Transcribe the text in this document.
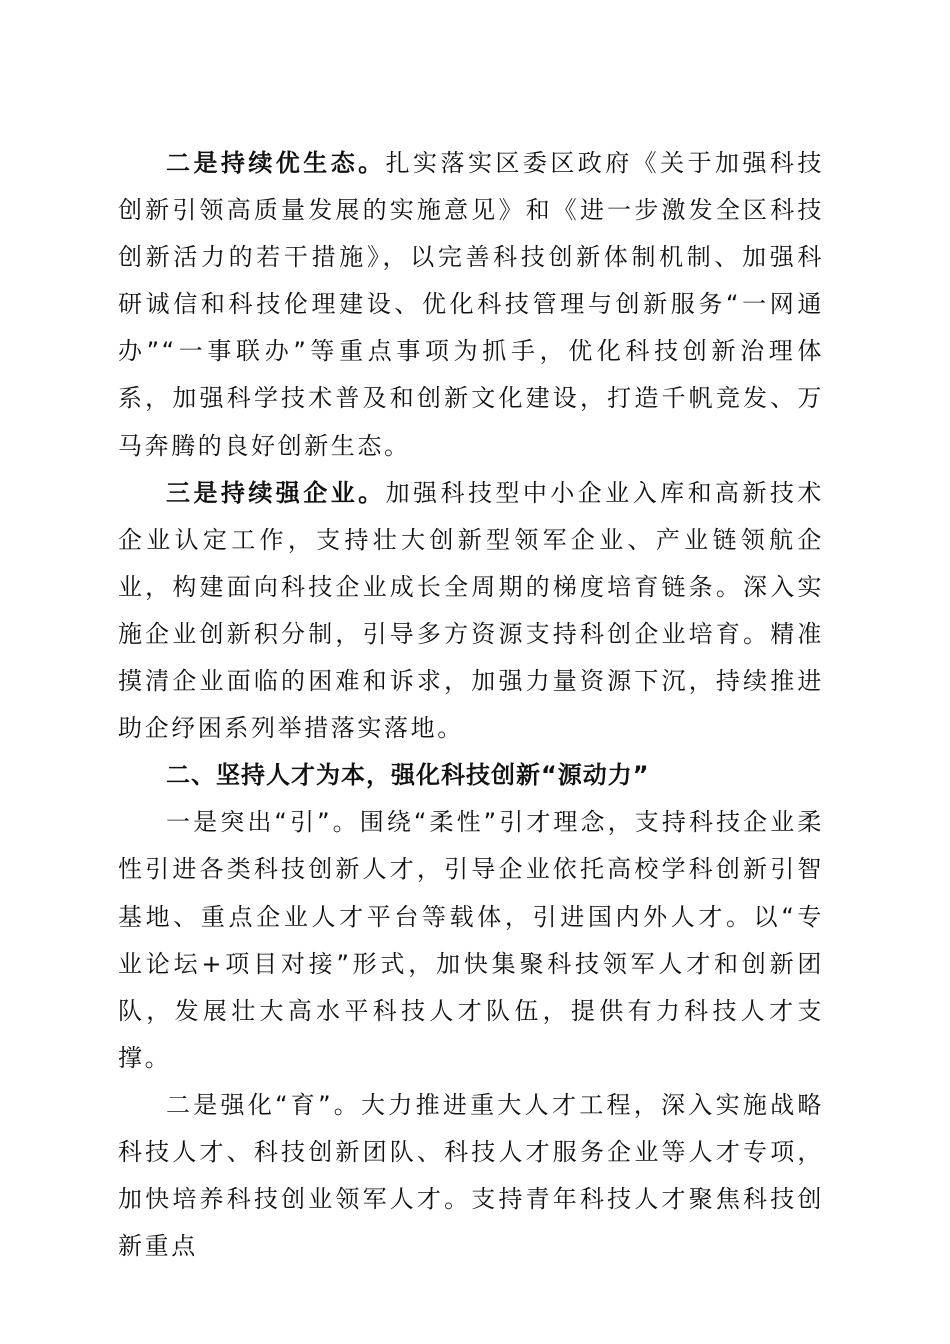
二是持续优生态。扎实落实区委区政府《关于加强科技创新引领高质量发展的实施意见》和《进一步激发全区科技创新活力的若干措施》，以完善科技创新体制机制、加强科研诚信和科技伦理建设、优化科技管理与创新服务“一网通办”“一事联办”等重点事项为抓手，优化科技创新治理体系，加强科学技术普及和创新文化建设，打造千帆竞发、万马奔腾的良好创新生态。

三是持续强企业。加强科技型中小企业入库和高新技术企业认定工作，支持壮大创新型领军企业、产业链领航企业，构建面向科技企业成长全周期的梯度培育链条。深入实施企业创新积分制，引导多方资源支持科创企业培育。精准摸清企业面临的困难和诉求，加强力量资源下沉，持续推进助企纾困系列举措落实落地。

二、坚持人才为本，强化科技创新“源动力”

一是突出“引”。围绕“柔性”引才理念，支持科技企业柔性引进各类科技创新人才，引导企业依托高校学科创新引智基地、重点企业人才平台等载体，引进国内外人才。以“专业论坛+项目对接”形式，加快集聚科技领军人才和创新团队，发展壮大高水平科技人才队伍，提供有力科技人才支撑。

二是强化“育”。大力推进重大人才工程，深入实施战略科技人才、科技创新团队、科技人才服务企业等人才专项，加快培养科技创业领军人才。支持青年科技人才聚焦科技创新重点
